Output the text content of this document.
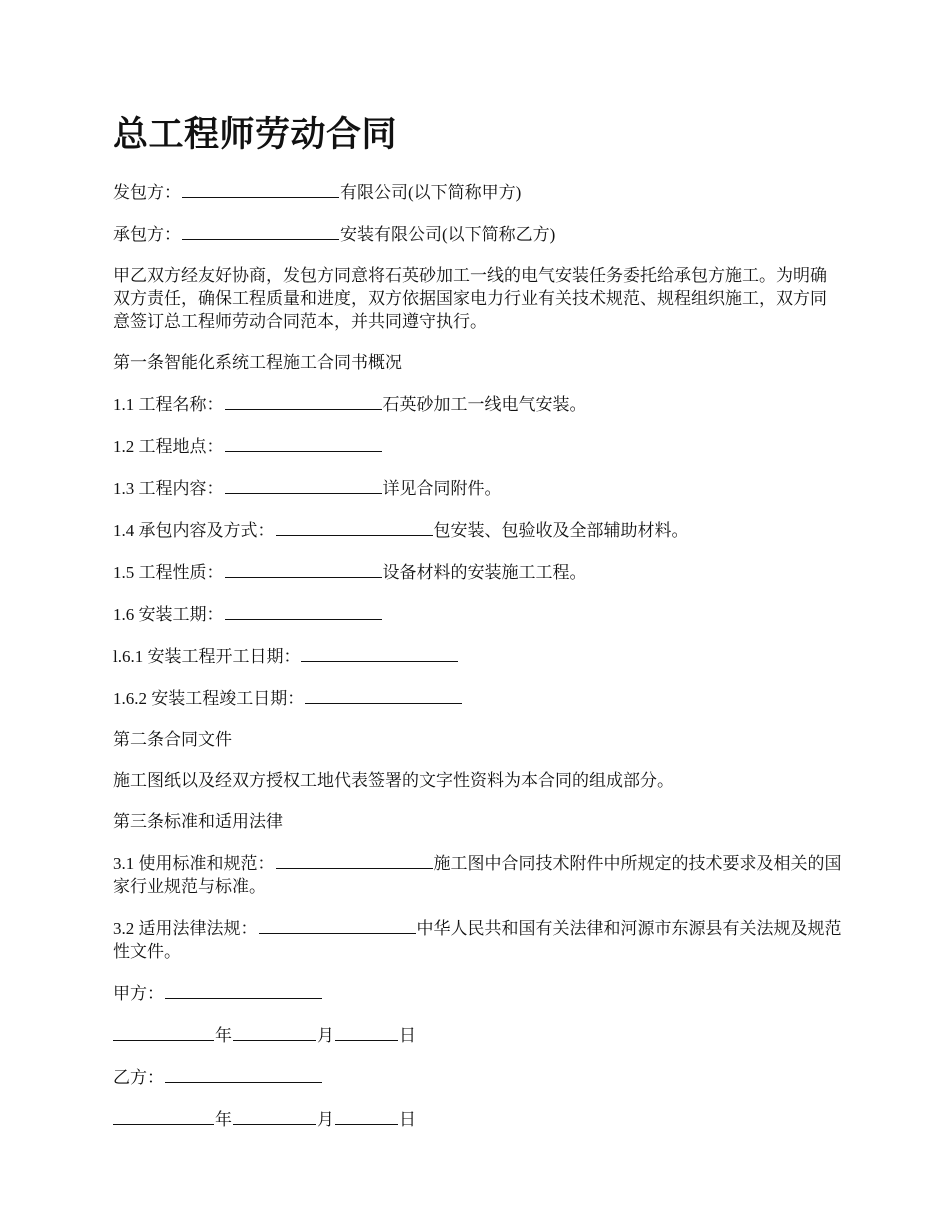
总工程师劳动合同

发包方：	有限公司(以下简称甲方)

承包方：	安装有限公司(以下简称乙方)

甲乙双方经友好协商，发包方同意将石英砂加工一线的电气安装任务委托给承包方施工。为明确双方责任，确保工程质量和进度，双方依据国家电力行业有关技术规范、规程组织施工，双方同意签订总工程师劳动合同范本，并共同遵守执行。

第一条智能化系统工程施工合同书概况

1.1 工程名称：	石英砂加工一线电气安装。

1.2 工程地点：

1.3 工程内容：	详见合同附件。

1.4 承包内容及方式：	包安装、包验收及全部辅助材料。

1.5 工程性质：	设备材料的安装施工工程。

1.6 安装工期：

l.6.1 安装工程开工日期：

1.6.2 安装工程竣工日期：

第二条合同文件

施工图纸以及经双方授权工地代表签署的文字性资料为本合同的组成部分。

第三条标准和适用法律

3.1 使用标准和规范：	施工图中合同技术附件中所规定的技术要求及相关的国家行业规范与标准。

3.2 适用法律法规：	中华人民共和国有关法律和河源市东源县有关法规及规范性文件。

甲方：

年	月	日

乙方：

年	月	日
